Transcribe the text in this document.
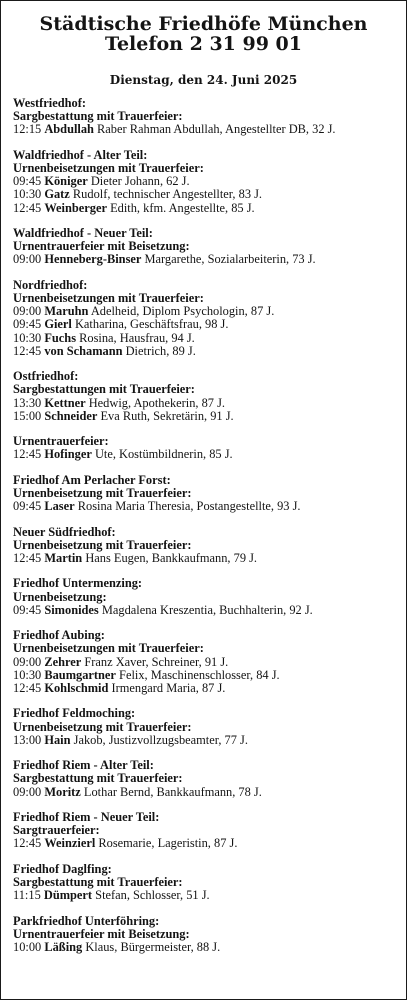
Städtische Friedhöfe München
Telefon 2 31 99 01
Dienstag, den 24. Juni 2025
Westfriedhof:
Sargbestattung mit Trauerfeier:
12:15 Abdullah Raber Rahman Abdullah, Angestellter DB, 32 J.
Waldfriedhof - Alter Teil:
Urnenbeisetzungen mit Trauerfeier:
09:45 Königer Dieter Johann, 62 J.
10:30 Gatz Rudolf, technischer Angestellter, 83 J.
12:45 Weinberger Edith, kfm. Angestellte, 85 J.
Waldfriedhof - Neuer Teil:
Urnentrauerfeier mit Beisetzung:
09:00 Henneberg-Binser Margarethe, Sozialarbeiterin, 73 J.
Nordfriedhof:
Urnenbeisetzungen mit Trauerfeier:
09:00 Maruhn Adelheid, Diplom Psychologin, 87 J.
09:45 Gierl Katharina, Geschäftsfrau, 98 J.
10:30 Fuchs Rosina, Hausfrau, 94 J.
12:45 von Schamann Dietrich, 89 J.
Ostfriedhof:
Sargbestattungen mit Trauerfeier:
13:30 Kettner Hedwig, Apothekerin, 87 J.
15:00 Schneider Eva Ruth, Sekretärin, 91 J.
Urnentrauerfeier:
12:45 Hofinger Ute, Kostümbildnerin, 85 J.
Friedhof Am Perlacher Forst:
Urnenbeisetzung mit Trauerfeier:
09:45 Laser Rosina Maria Theresia, Postangestellte, 93 J.
Neuer Südfriedhof:
Urnenbeisetzung mit Trauerfeier:
12:45 Martin Hans Eugen, Bankkaufmann, 79 J.
Friedhof Untermenzing:
Urnenbeisetzung:
09:45 Simonides Magdalena Kreszentia, Buchhalterin, 92 J.
Friedhof Aubing:
Urnenbeisetzungen mit Trauerfeier:
09:00 Zehrer Franz Xaver, Schreiner, 91 J.
10:30 Baumgartner Felix, Maschinenschlosser, 84 J.
12:45 Kohlschmid Irmengard Maria, 87 J.
Friedhof Feldmoching:
Urnenbeisetzung mit Trauerfeier:
13:00 Hain Jakob, Justizvollzugsbeamter, 77 J.
Friedhof Riem - Alter Teil:
Sargbestattung mit Trauerfeier:
09:00 Moritz Lothar Bernd, Bankkaufmann, 78 J.
Friedhof Riem - Neuer Teil:
Sargtrauerfeier:
12:45 Weinzierl Rosemarie, Lageristin, 87 J.
Friedhof Daglfing:
Sargbestattung mit Trauerfeier:
11:15 Dümpert Stefan, Schlosser, 51 J.
Parkfriedhof Unterföhring:
Urnentrauerfeier mit Beisetzung:
10:00 Läßing Klaus, Bürgermeister, 88 J.
